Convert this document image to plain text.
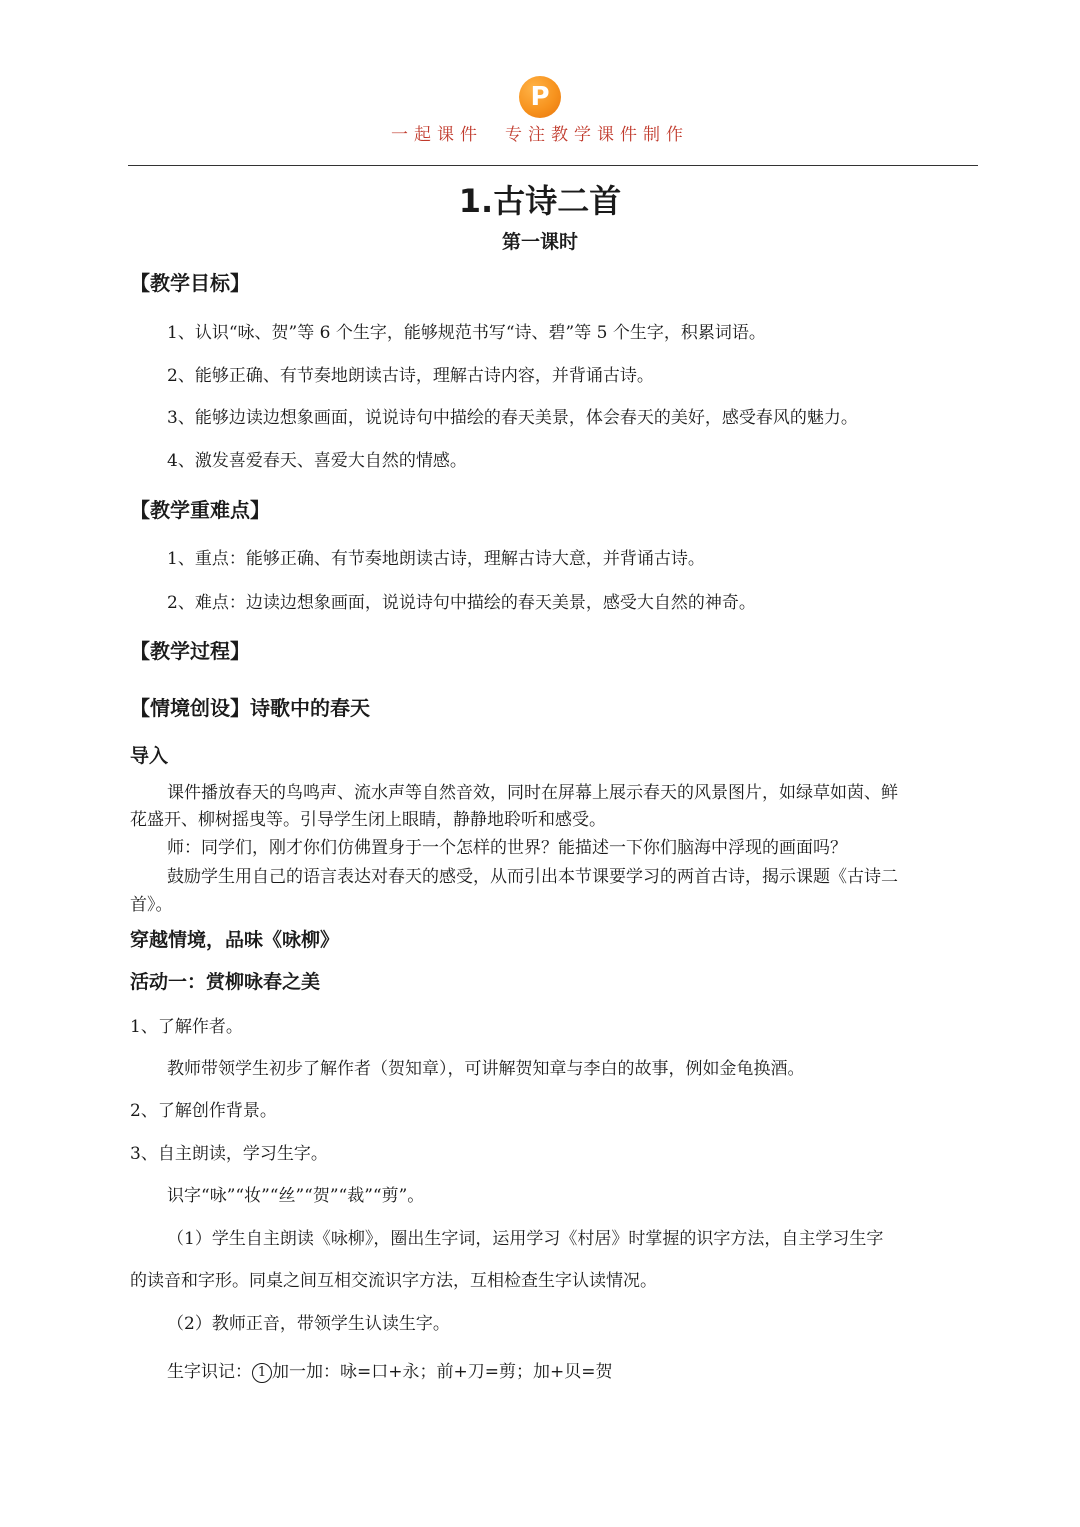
P
一起课件 专注教学课件制作
1.古诗二首
第一课时
【教学目标】
1、认识“咏、贺”等 6 个生字，能够规范书写“诗、碧”等 5 个生字，积累词语。
2、能够正确、有节奏地朗读古诗，理解古诗内容，并背诵古诗。
3、能够边读边想象画面，说说诗句中描绘的春天美景，体会春天的美好，感受春风的魅力。
4、激发喜爱春天、喜爱大自然的情感。
【教学重难点】
1、重点：能够正确、有节奏地朗读古诗，理解古诗大意，并背诵古诗。
2、难点：边读边想象画面，说说诗句中描绘的春天美景，感受大自然的神奇。
【教学过程】
【情境创设】诗歌中的春天
导入
课件播放春天的鸟鸣声、流水声等自然音效，同时在屏幕上展示春天的风景图片，如绿草如茵、鲜
花盛开、柳树摇曳等。引导学生闭上眼睛，静静地聆听和感受。
师：同学们，刚才你们仿佛置身于一个怎样的世界？能描述一下你们脑海中浮现的画面吗？
鼓励学生用自己的语言表达对春天的感受，从而引出本节课要学习的两首古诗，揭示课题《古诗二
首》。
穿越情境，品味《咏柳》
活动一：赏柳咏春之美
1、了解作者。
教师带领学生初步了解作者（贺知章），可讲解贺知章与李白的故事，例如金龟换酒。
2、了解创作背景。
3、自主朗读，学习生字。
识字“咏”“妆”“丝”“贺”“裁”“剪”。
（1）学生自主朗读《咏柳》，圈出生字词，运用学习《村居》时掌握的识字方法，自主学习生字
的读音和字形。同桌之间互相交流识字方法，互相检查生字认读情况。
（2）教师正音，带领学生认读生字。
生字识记： 1 加一加：咏=口+永；前+刀=剪；加+贝=贺
